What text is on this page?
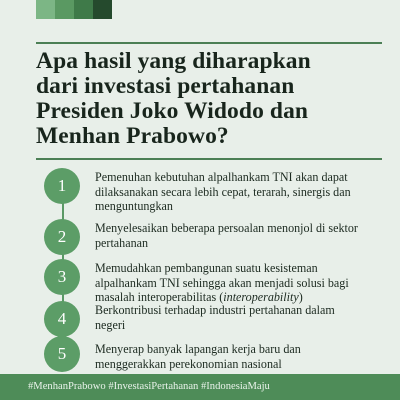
Apa hasil yang diharapkan
dari investasi pertahanan
Presiden Joko Widodo dan
Menhan Prabowo?
1	Pemenuhan kebutuhan alpalhankam TNI akan dapat dilaksanakan secara lebih cepat, terarah, sinergis dan menguntungkan

2	Menyelesaikan beberapa persoalan menonjol di sektor pertahanan

3	Memudahkan pembangunan suatu kesisteman alpalhankam TNI sehingga akan menjadi solusi bagi masalah interoperabilitas (interoperability)

4	Berkontribusi terhadap industri pertahanan dalam negeri

5	Menyerap banyak lapangan kerja baru dan menggerakkan perekonomian nasional

#MenhanPrabowo #InvestasiPertahanan #IndonesiaMaju
